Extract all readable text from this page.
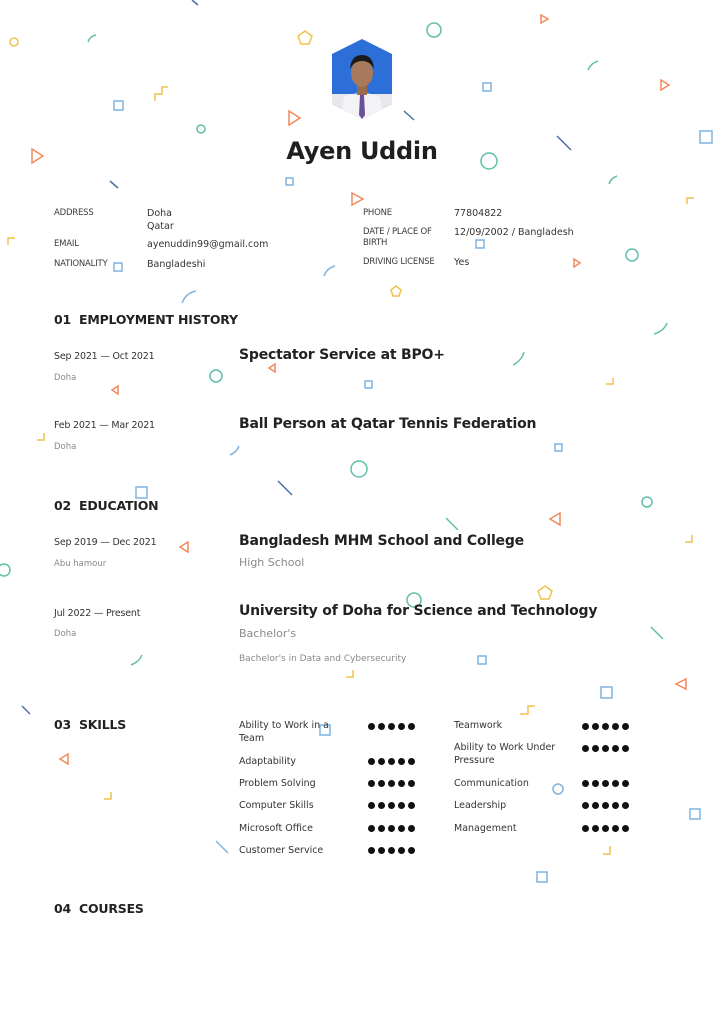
Ayen Uddin
ADDRESS	Doha
Qatar
EMAIL	ayenuddin99@gmail.com
NATIONALITY	Bangladeshi
PHONE	77804822
DATE / PLACE OF
BIRTH
12/09/2002 / Bangladesh
DRIVING LICENSE Yes
01 EMPLOYMENT HISTORY
Sep 2021 — Oct 2021
Doha
Spectator Service at BPO+
Feb 2021 — Mar 2021
Doha
Ball Person at Qatar Tennis Federation
02 EDUCATION
Sep 2019 — Dec 2021
Abu hamour
Bangladesh MHM School and College
High School
Jul 2022 — Present
Doha
University of Doha for Science and Technology
Bachelor's
Bachelor's in Data and Cybersecurity
03 SKILLS	Ability to Work in a
Team
Adaptability
Problem Solving
Computer Skills
Microsoft Office
Customer Service
Teamwork
Ability to Work Under
Pressure
Communication
Leadership
Management
04 COURSES
